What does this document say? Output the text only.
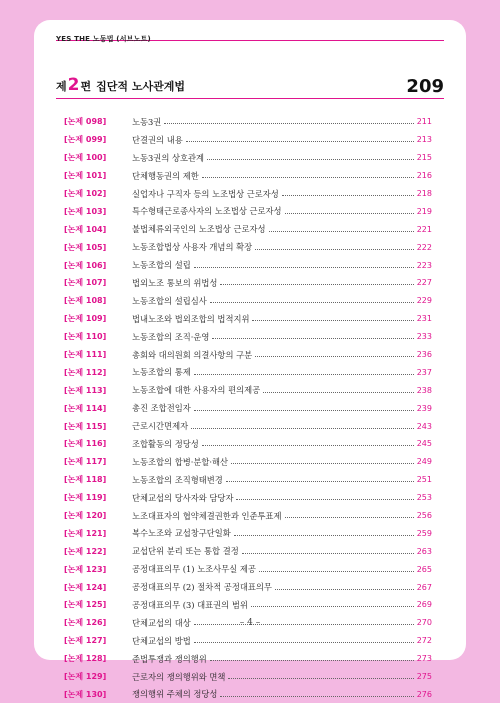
YES THE 노동법 (서브노트)
제 2 편 집단적 노사관계법	209
[논제 098]	노동3권	211
[논제 099]	단결권의 내용	213
[논제 100]	노동3권의 상호관계	215
[논제 101]	단체행동권의 제한	216
[논제 102]	실업자나 구직자 등의 노조법상 근로자성	218
[논제 103]	특수형태근로종사자의 노조법상 근로자성	219
[논제 104]	불법체류외국인의 노조법상 근로자성	221
[논제 105]	노동조합법상 사용자 개념의 확장	222
[논제 106]	노동조합의 설립	223
[논제 107]	법외노조 통보의 위법성	227
[논제 108]	노동조합의 설립심사	229
[논제 109]	법내노조와 법외조합의 법적지위	231
[논제 110]	노동조합의 조직·운영	233
[논제 111]	총회와 대의원회 의결사항의 구분	236
[논제 112]	노동조합의 통제	237
[논제 113]	노동조합에 대한 사용자의 편의제공	238
[논제 114]	총진 조합전임자	239
[논제 115]	근로시간면제자	243
[논제 116]	조합활동의 정당성	245
[논제 117]	노동조합의 합병·분할·해산	249
[논제 118]	노동조합의 조직형태변경	251
[논제 119]	단체교섭의 당사자와 담당자	253
[논제 120]	노조대표자의 협약체결권한과 인준투표제	256
[논제 121]	복수노조와 교섭창구단일화	259
[논제 122]	교섭단위 분리 또는 통합 결정	263
[논제 123]	공정대표의무 (1) 노조사무실 제공	265
[논제 124]	공정대표의무 (2) 절차적 공정대표의무	267
[논제 125]	공정대표의무 (3) 대표권의 범위	269
[논제 126]	단체교섭의 대상	270
[논제 127]	단체교섭의 방법	272
[논제 128]	준법투쟁과 쟁의행위	273
[논제 129]	근로자의 쟁의행위와 면책	275
[논제 130]	쟁의행위 주체의 정당성	276
– 4 –
